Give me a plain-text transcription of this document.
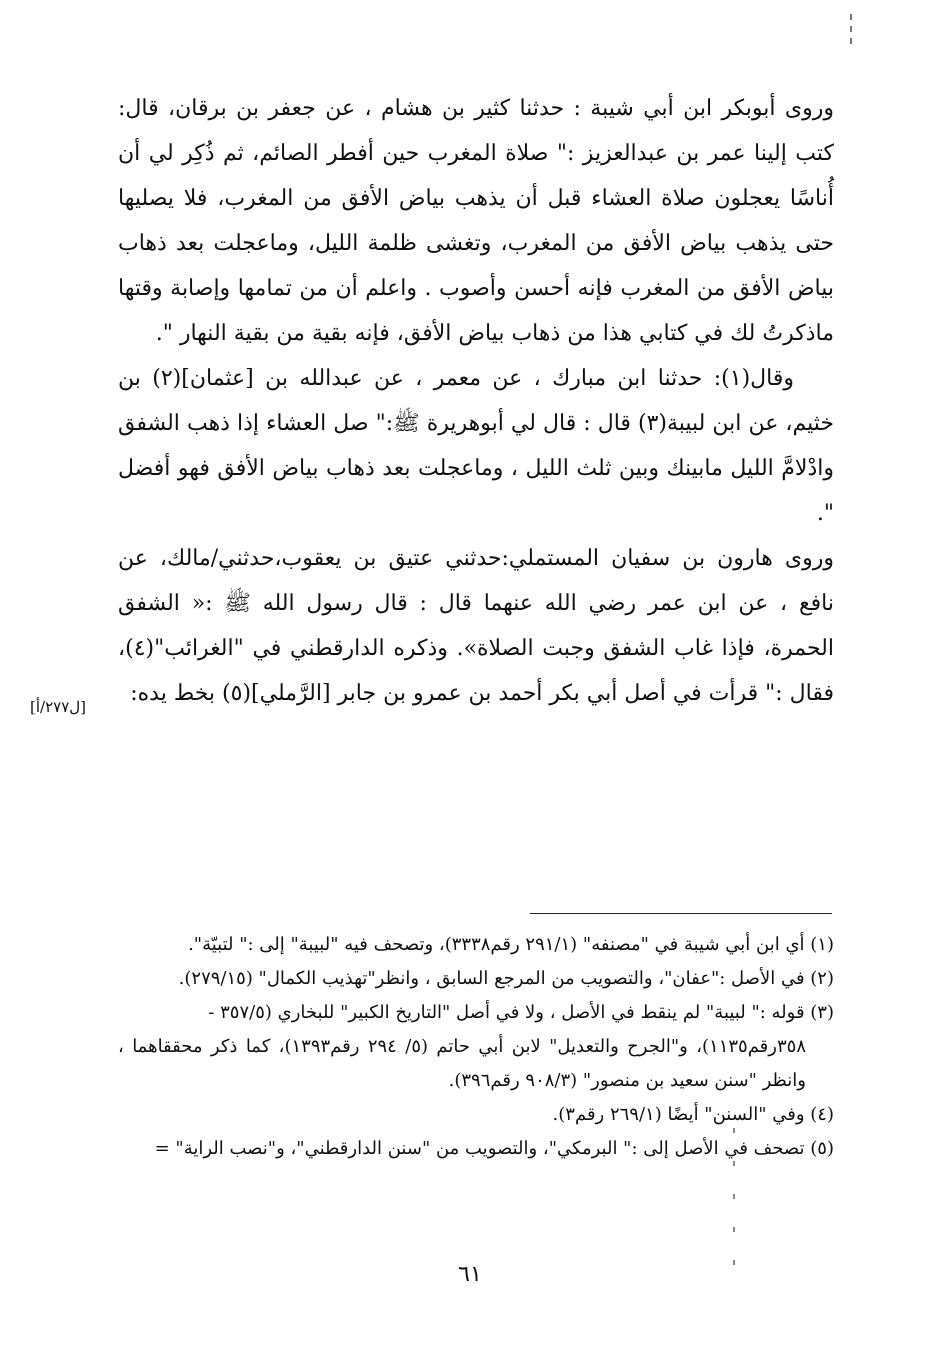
وروى أبوبكر ابن أبي شيبة : حدثنا كثير بن هشام ، عن جعفر بن برقان، قال: كتب إلينا عمر بن عبدالعزيز :" صلاة المغرب حين أفطر الصائم، ثم ذُكِر لي أن أُناسًا يعجلون صلاة العشاء قبل أن يذهب بياض الأفق من المغرب، فلا يصليها حتى يذهب بياض الأفق من المغرب، وتغشى ظلمة الليل، وماعجلت بعد ذهاب بياض الأفق من المغرب فإنه أحسن وأصوب . واعلم أن من تمامها وإصابة وقتها ماذكرتُ لك في كتابي هذا من ذهاب بياض الأفق، فإنه بقية من بقية النهار ".

وقال(١): حدثنا ابن مبارك ، عن معمر ، عن عبدالله بن [عثمان](٢) بن خثيم، عن ابن لبيبة(٣) قال : قال لي أبوهريرة ﷺ:" صل العشاء إذا ذهب الشفق وادْلامَّ الليل مابينك وبين ثلث الليل ، وماعجلت بعد ذهاب بياض الأفق فهو أفضل ".

وروى هارون بن سفيان المستملي:حدثني عتيق بن يعقوب،حدثني/مالك، عن نافع ، عن ابن عمر رضي الله عنهما قال : قال رسول الله ﷺ :« الشفق الحمرة، فإذا غاب الشفق وجبت الصلاة». وذكره الدارقطني في "الغرائب"(٤)، فقال :" قرأت في أصل أبي بكر أحمد بن عمرو بن جابر [الرَّملي](٥) بخط يده:

[ل٢٧٧/أ]

(١) أي ابن أبي شيبة في "مصنفه" (٢٩١/١ رقم٣٣٣٨)، وتصحف فيه "لبيبة" إلى :" لتبيّة".

(٢) في الأصل :"عفان"، والتصويب من المرجع السابق ، وانظر"تهذيب الكمال" (٢٧٩/١٥).

(٣) قوله :" لبيبة" لم ينقط في الأصل ، ولا في أصل "التاريخ الكبير" للبخاري (٣٥٧/٥ -

٣٥٨رقم١١٣٥)، و"الجرح والتعديل" لابن أبي حاتم (٥/ ٢٩٤ رقم١٣٩٣)، كما ذكر محققاهما ، وانظر "سنن سعيد بن منصور" (٩٠٨/٣ رقم٣٩٦).

(٤) وفي "السنن" أيضًا (٢٦٩/١ رقم٣).

(٥) تصحف في الأصل إلى :" البرمكي"، والتصويب من "سنن الدارقطني"، و"نصب الراية" =

٦١
